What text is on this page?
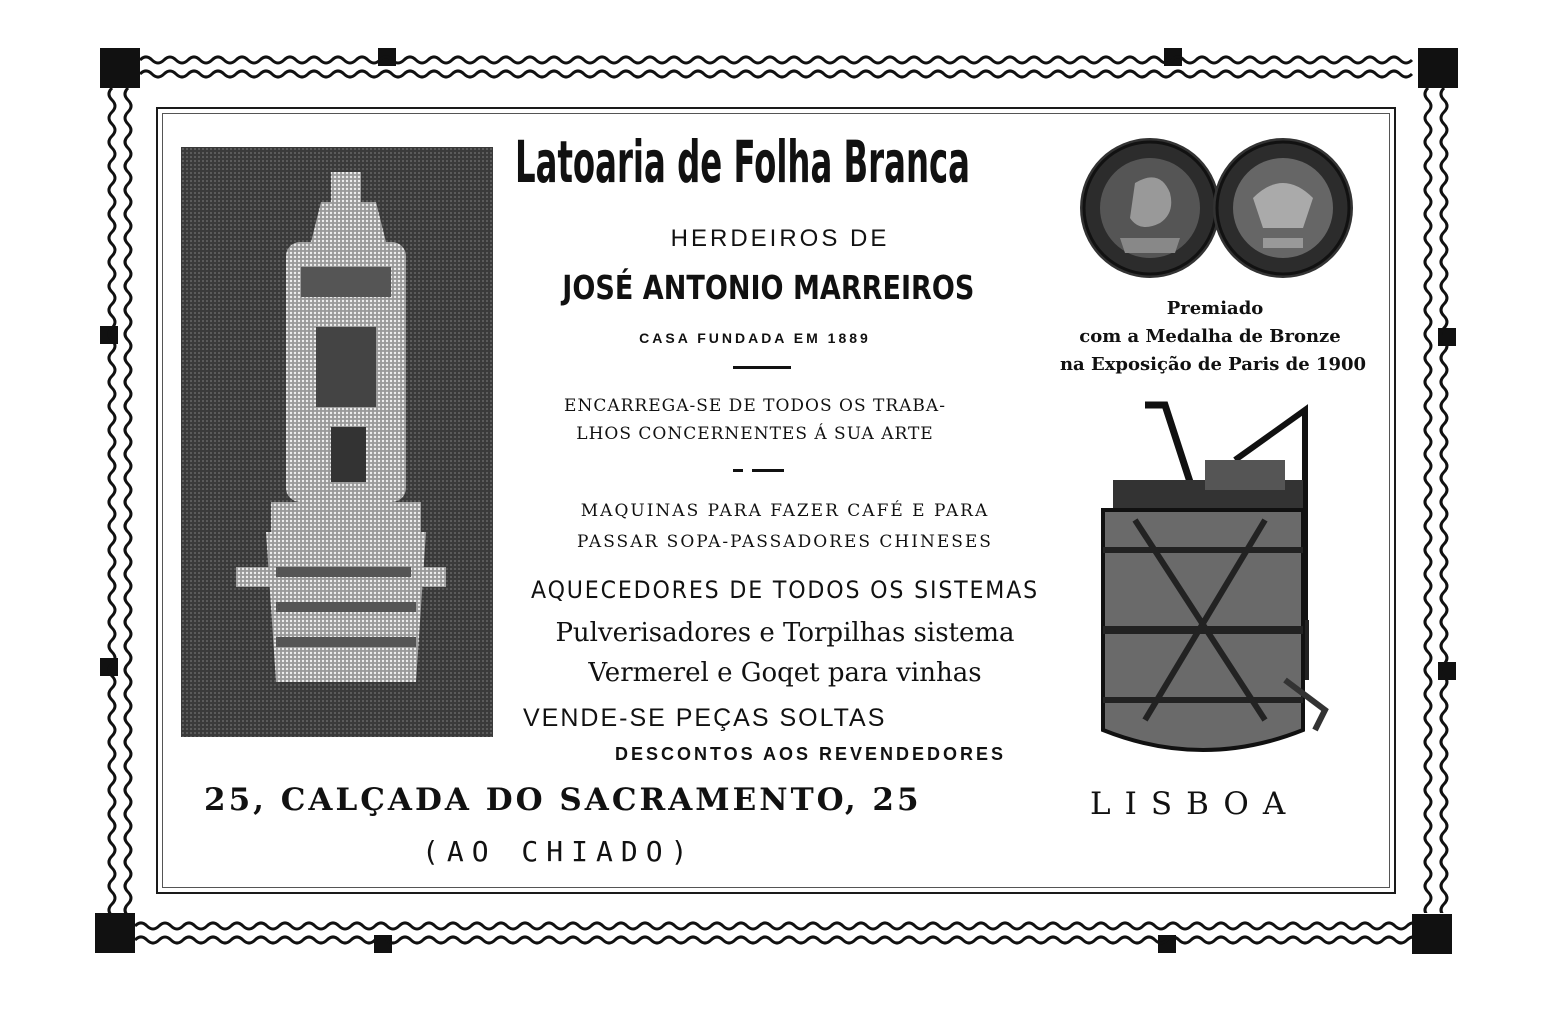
Latoaria de Folha Branca
HERDEIROS DE
JOSÉ ANTONIO MARREIROS
CASA FUNDADA EM 1889
ENCARREGA-SE DE TODOS OS TRABA-
LHOS CONCERNENTES Á SUA ARTE
MAQUINAS PARA FAZER CAFÉ E PARA
PASSAR SOPA-PASSADORES CHINESES
AQUECEDORES DE TODOS OS SISTEMAS
Pulverisadores e Torpilhas sistema
Vermerel e Goqet para vinhas
VENDE-SE PEÇAS SOLTAS
DESCONTOS AOS REVENDEDORES
Premiado
com a Medalha de Bronze
na Exposição de Paris de 1900
25, CALÇADA DO SACRAMENTO, 25
(AO CHIADO)
LISBOA
